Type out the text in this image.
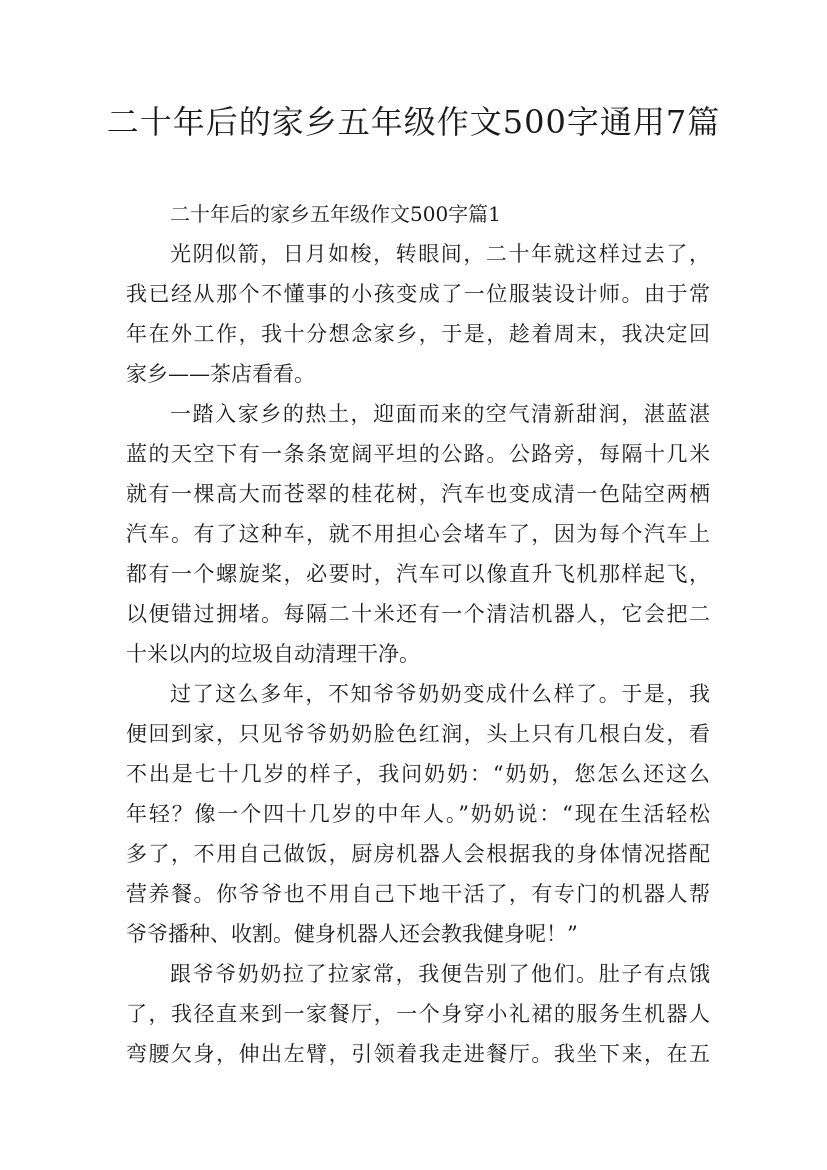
二十年后的家乡五年级作文500字通用7篇

二十年后的家乡五年级作文500字篇1

光阴似箭，日月如梭，转眼间，二十年就这样过去了，
我已经从那个不懂事的小孩变成了一位服装设计师。由于常
年在外工作，我十分想念家乡，于是，趁着周末，我决定回
家乡——茶店看看。
一踏入家乡的热土，迎面而来的空气清新甜润，湛蓝湛
蓝的天空下有一条条宽阔平坦的公路。公路旁，每隔十几米
就有一棵高大而苍翠的桂花树，汽车也变成清一色陆空两栖
汽车。有了这种车，就不用担心会堵车了，因为每个汽车上
都有一个螺旋桨，必要时，汽车可以像直升飞机那样起飞，
以便错过拥堵。每隔二十米还有一个清洁机器人，它会把二
十米以内的垃圾自动清理干净。
过了这么多年，不知爷爷奶奶变成什么样了。于是，我
便回到家，只见爷爷奶奶脸色红润，头上只有几根白发，看
不出是七十几岁的样子，我问奶奶：“奶奶，您怎么还这么
年轻？像一个四十几岁的中年人。”奶奶说：“现在生活轻松
多了，不用自己做饭，厨房机器人会根据我的身体情况搭配
营养餐。你爷爷也不用自己下地干活了，有专门的机器人帮
爷爷播种、收割。健身机器人还会教我健身呢！”
跟爷爷奶奶拉了拉家常，我便告别了他们。肚子有点饿
了，我径直来到一家餐厅，一个身穿小礼裙的服务生机器人
弯腰欠身，伸出左臂，引领着我走进餐厅。我坐下来，在五
